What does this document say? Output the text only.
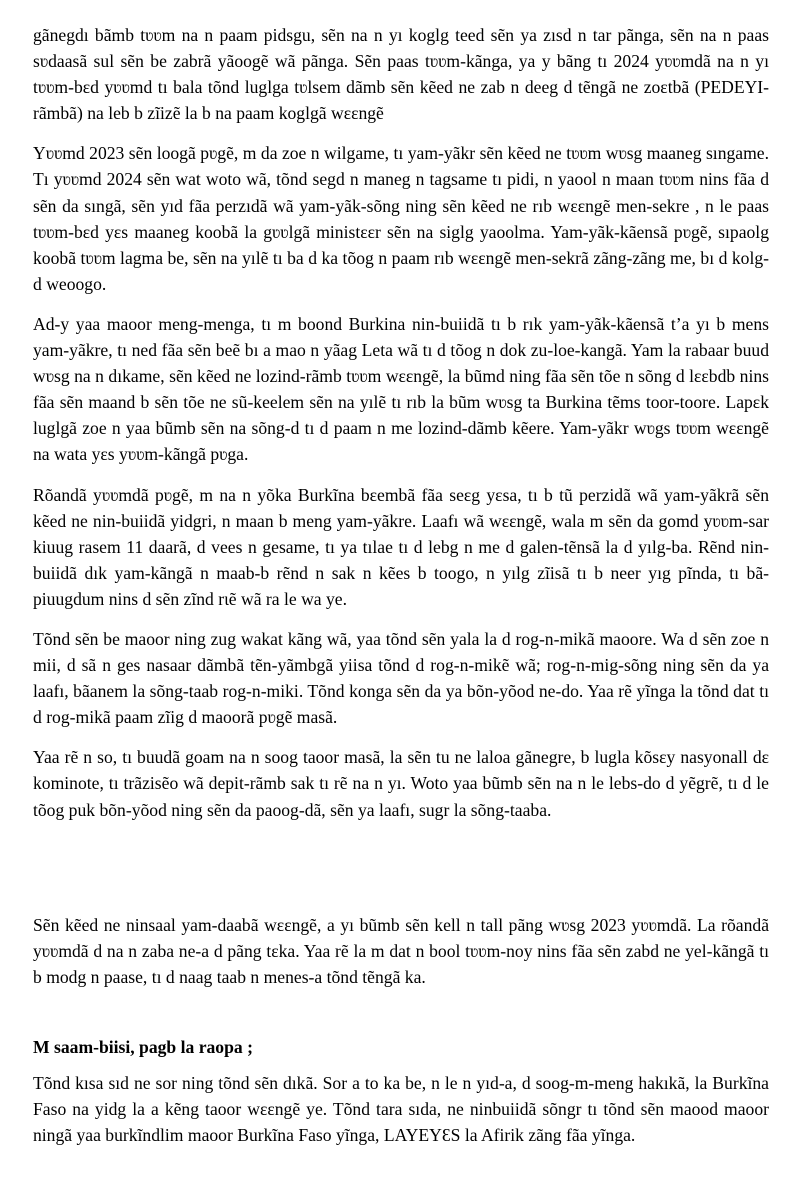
gãnegdı bãmb tʋʋm na n paam pidsgu, sẽn na n yı koglg teed sẽn ya zısd n tar pãnga, sẽn na n paas sʋdaasã sul sẽn be zabrã yãoogẽ wã pãnga. Sẽn paas tʋʋm-kãnga, ya y bãng tı 2024 yʋʋmdã na n yı tʋʋm-bɛd yʋʋmd tı bala tõnd luglga tʋlsem dãmb sẽn kẽed ne zab n deeg d tẽngã ne zoɛtbã (PEDEYI-rãmbã) na leb b zĩizẽ la b na paam koglgã wɛɛngẽ

Yʋʋmd 2023 sẽn loogã pʋgẽ, m da zoe n wilgame, tı yam-yãkr sẽn kẽed ne tʋʋm wʋsg maaneg sıngame. Tı yʋʋmd 2024 sẽn wat woto wã, tõnd segd n maneg n tagsame tı pidi, n yaool n maan tʋʋm nins fãa d sẽn da sıngã, sẽn yıd fãa perzıdã wã yam-yãk-sõng ning sẽn kẽed ne rıb wɛɛngẽ men-sekre , n le paas tʋʋm-bɛd yɛs maaneg koobã la gʋʋlgã ministɛɛr sẽn na siglg yaoolma. Yam-yãk-kãensã pʋgẽ, sıpaolg koobã tʋʋm lagma be, sẽn na yılẽ tı ba d ka tõog n paam rıb wɛɛngẽ men-sekrã zãng-zãng me, bı d kolg-d weoogo.

Ad-y yaa maoor meng-menga, tı m boond Burkina nin-buiidã tı b rık yam-yãk-kãensã t’a yı b mens yam-yãkre, tı ned fãa sẽn beẽ bı a mao n yãag Leta wã tı d tõog n dok zu-loe-kangã. Yam la rabaar buud wʋsg na n dıkame, sẽn kẽed ne lozind-rãmb tʋʋm wɛɛngẽ, la bũmd ning fãa sẽn tõe n sõng d lɛɛbdb nins fãa sẽn maand b sẽn tõe ne sũ-keelem sẽn na yılẽ tı rıb la bũm wʋsg ta Burkina tẽms toor-toore. Lapɛk luglgã zoe n yaa bũmb sẽn na sõng-d tı d paam n me lozind-dãmb kẽere. Yam-yãkr wʋgs tʋʋm wɛɛngẽ na wata yɛs yʋʋm-kãngã pʋga.

Rõandã yʋʋmdã pʋgẽ, m na n yõka Burkĩna bɛembã fãa seɛg yɛsa, tı b tũ perzidã wã yam-yãkrã sẽn kẽed ne nin-buiidã yidgri, n maan b meng yam-yãkre. Laafı wã wɛɛngẽ, wala m sẽn da gomd yʋʋm-sar kiuug rasem 11 daarã, d vees n gesame, tı ya tılae tı d lebg n me d galen-tẽnsã la d yılg-ba. Rẽnd nin-buiidã dık yam-kãngã n maab-b rẽnd n sak n kẽes b toogo, n yılg zĩisã tı b neer yıg pĩnda, tı bã-piuugdum nins d sẽn zĩnd rɩẽ wã ra le wa ye.

Tõnd sẽn be maoor ning zug wakat kãng wã, yaa tõnd sẽn yala la d rog-n-mikã maoore. Wa d sẽn zoe n mii, d sã n ges nasaar dãmbã tẽn-yãmbgã yiisa tõnd d rog-n-mikẽ wã; rog-n-mig-sõng ning sẽn da ya laafı, bãanem la sõng-taab rog-n-miki. Tõnd konga sẽn da ya bõn-yõod ne-do. Yaa rẽ yĩnga la tõnd dat tı d rog-mikã paam zĩig d maoorã pʋgẽ masã.

Yaa rẽ n so, tı buudã goam na n soog taoor masã, la sẽn tu ne laloa gãnegre, b lugla kõsɛy nasyonall dɛ kominote, tı trãzisẽo wã depit-rãmb sak tı rẽ na n yı. Woto yaa bũmb sẽn na n le lebs-do d yẽgrẽ, tı d le tõog puk bõn-yõod ning sẽn da paoog-dã, sẽn ya laafı, sugr la sõng-taaba.

Sẽn kẽed ne ninsaal yam-daabã wɛɛngẽ, a yı bũmb sẽn kell n tall pãng wʋsg 2023 yʋʋmdã. La rõandã yʋʋmdã d na n zaba ne-a d pãng tɛka. Yaa rẽ la m dat n bool tʋʋm-noy nins fãa sẽn zabd ne yel-kãngã tı b modg n paase, tı d naag taab n menes-a tõnd tẽngã ka.

M saam-biisi, pagb la raopa ;

Tõnd kısa sıd ne sor ning tõnd sẽn dıkã. Sor a to ka be, n le n yıd-a, d soog-m-meng hakıkã, la Burkĩna Faso na yidg la a kẽng taoor wɛɛngẽ ye. Tõnd tara sıda, ne ninbuiidã sõngr tı tõnd sẽn maood maoor ningã yaa burkĩndlim maoor Burkĩna Faso yĩnga, LAYEYƐS la Afirik zãng fãa yĩnga.
